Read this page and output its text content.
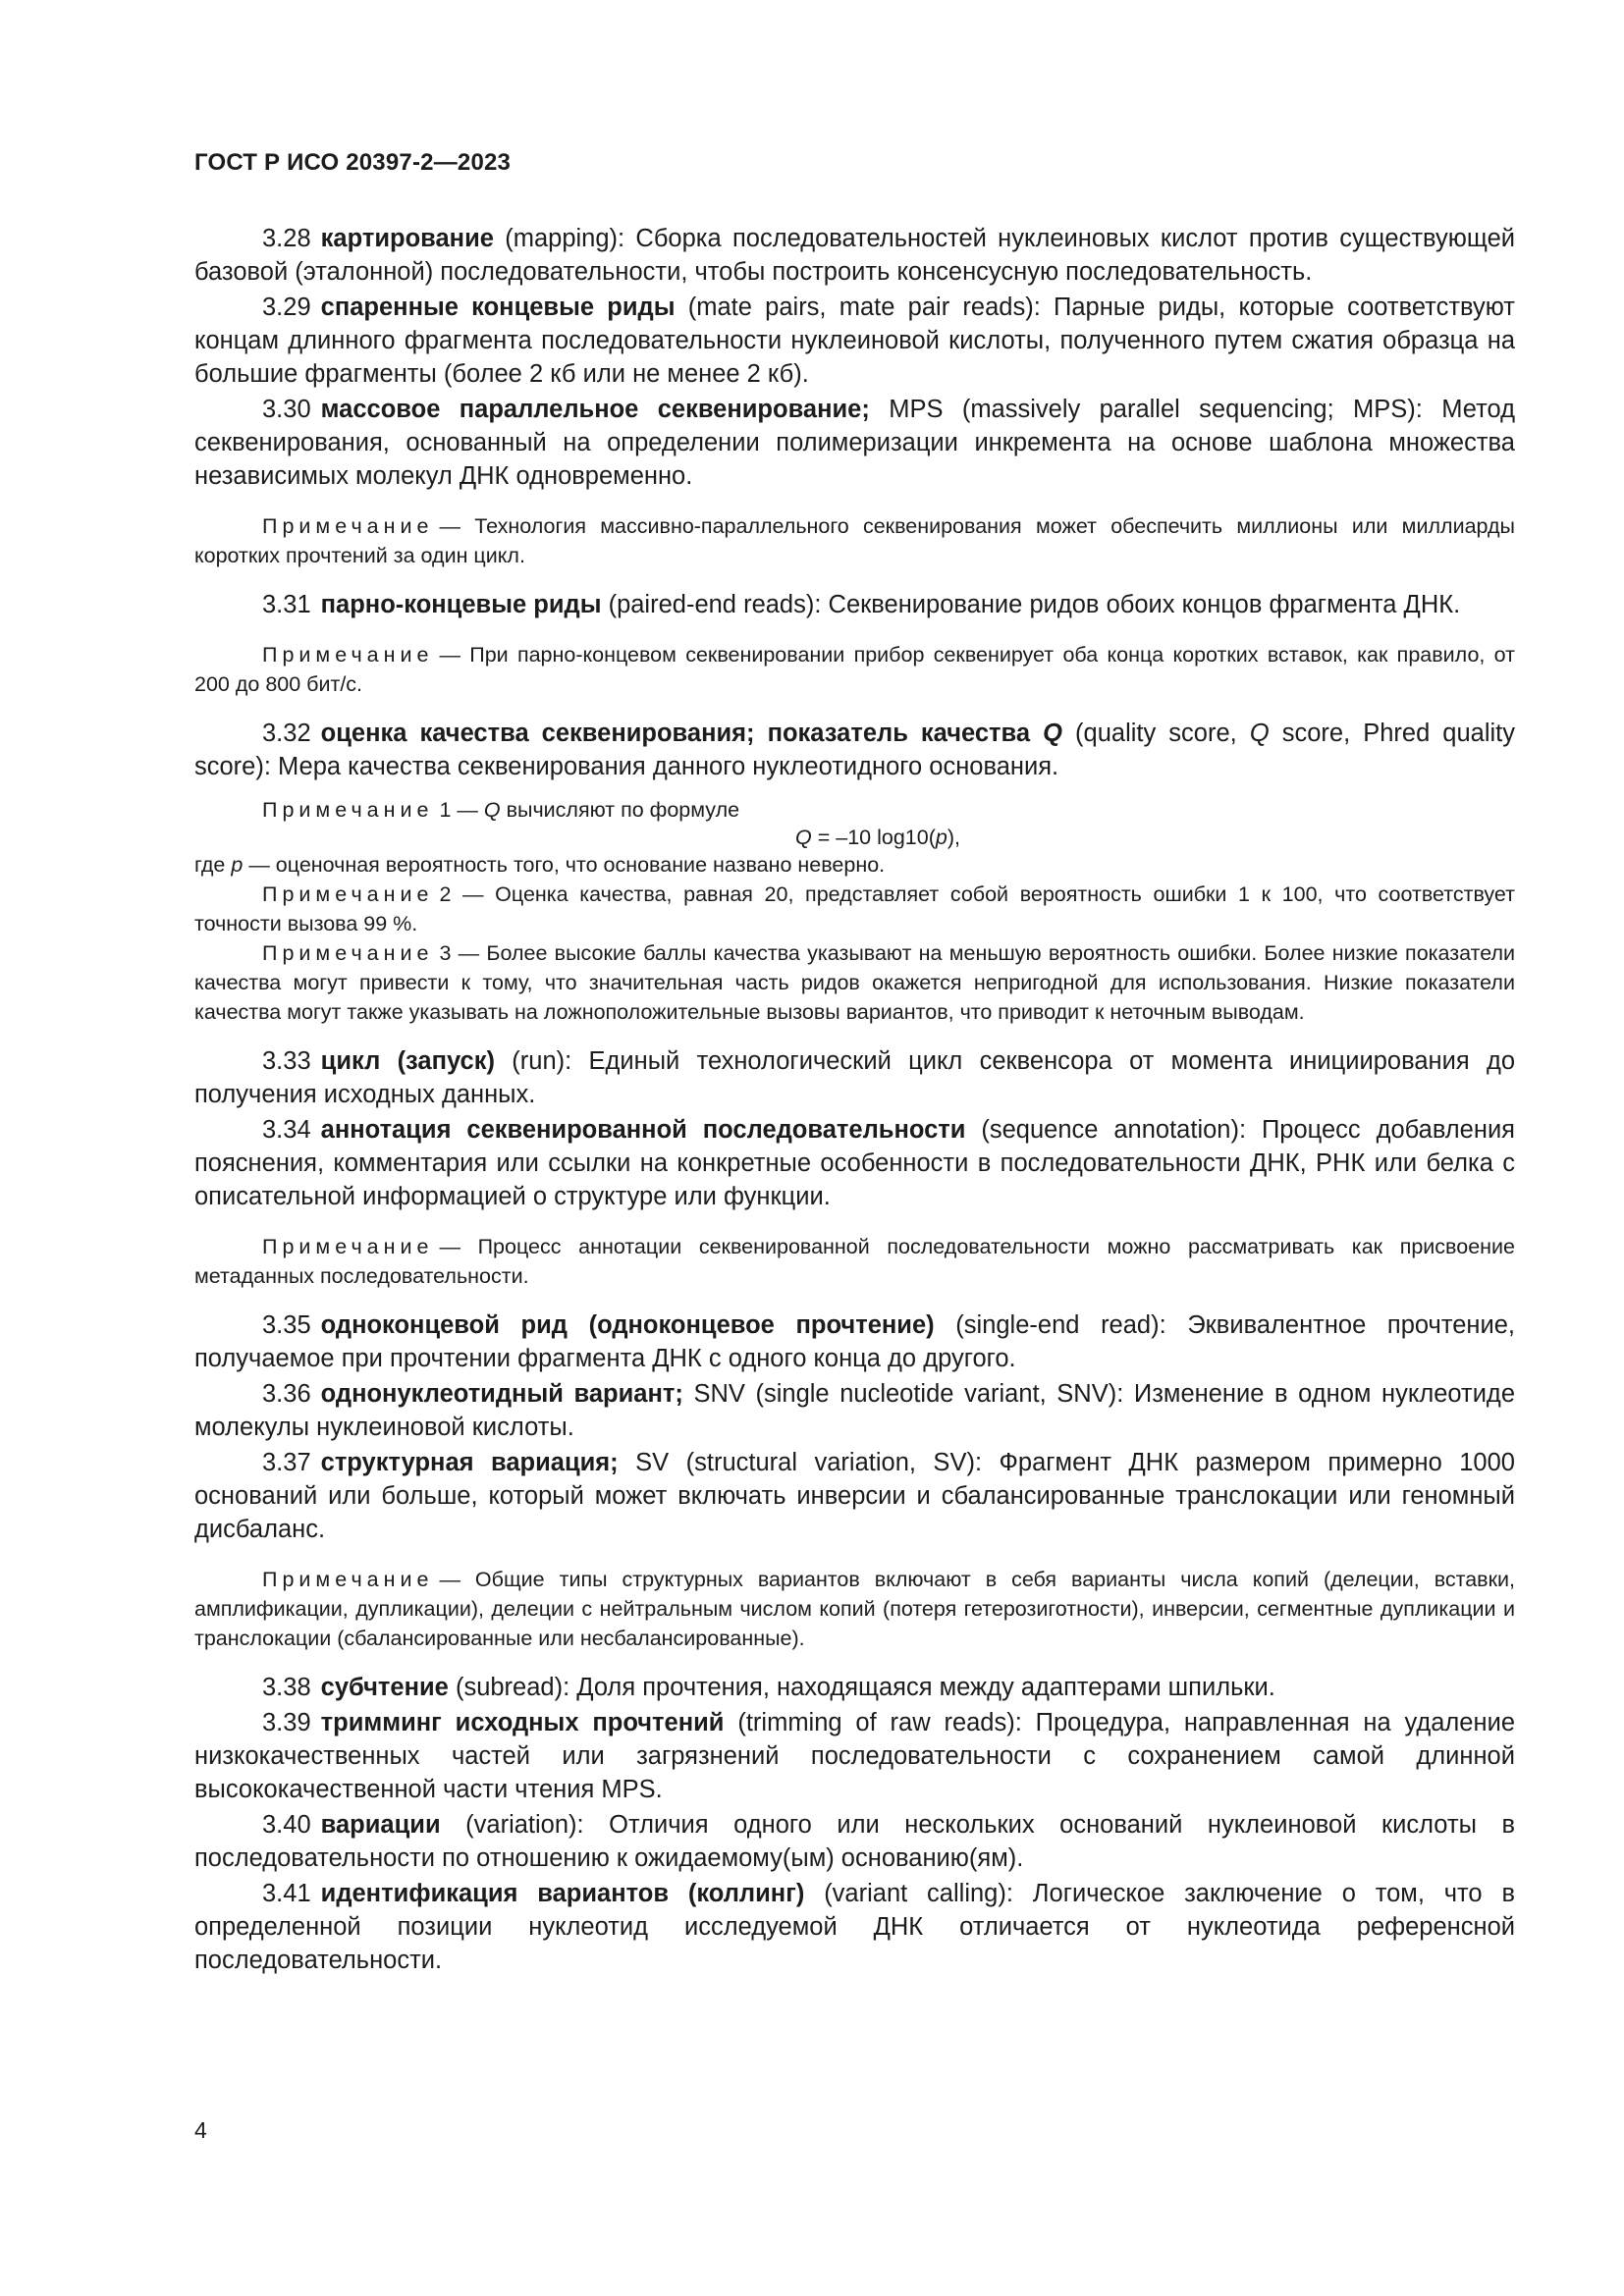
ГОСТ Р ИСО 20397-2—2023

3.28 картирование (mapping): Сборка последовательностей нуклеиновых кислот против существующей базовой (эталонной) последовательности, чтобы построить консенсусную последовательность.

3.29 спаренные концевые риды (mate pairs, mate pair reads): Парные риды, которые соответствуют концам длинного фрагмента последовательности нуклеиновой кислоты, полученного путем сжатия образца на большие фрагменты (более 2 кб или не менее 2 кб).

3.30 массовое параллельное секвенирование; MPS (massively parallel sequencing; MPS): Метод секвенирования, основанный на определении полимеризации инкремента на основе шаблона множества независимых молекул ДНК одновременно.

Примечание — Технология массивно-параллельного секвенирования может обеспечить миллионы или миллиарды коротких прочтений за один цикл.

3.31 парно-концевые риды (paired-end reads): Секвенирование ридов обоих концов фрагмента ДНК.

Примечание — При парно-концевом секвенировании прибор секвенирует оба конца коротких вставок, как правило, от 200 до 800 бит/с.

3.32 оценка качества секвенирования; показатель качества Q (quality score, Q score, Phred quality score): Мера качества секвенирования данного нуклеотидного основания.

Примечание 1 — Q вычисляют по формуле

Q = –10 log10(p),

где p — оценочная вероятность того, что основание названо неверно.

Примечание 2 — Оценка качества, равная 20, представляет собой вероятность ошибки 1 к 100, что соответствует точности вызова 99 %.

Примечание 3 — Более высокие баллы качества указывают на меньшую вероятность ошибки. Более низкие показатели качества могут привести к тому, что значительная часть ридов окажется непригодной для использования. Низкие показатели качества могут также указывать на ложноположительные вызовы вариантов, что приводит к неточным выводам.

3.33 цикл (запуск) (run): Единый технологический цикл секвенсора от момента инициирования до получения исходных данных.

3.34 аннотация секвенированной последовательности (sequence annotation): Процесс добавления пояснения, комментария или ссылки на конкретные особенности в последовательности ДНК, РНК или белка с описательной информацией о структуре или функции.

Примечание — Процесс аннотации секвенированной последовательности можно рассматривать как присвоение метаданных последовательности.

3.35 одноконцевой рид (одноконцевое прочтение) (single-end read): Эквивалентное прочтение, получаемое при прочтении фрагмента ДНК с одного конца до другого.

3.36 однонуклеотидный вариант; SNV (single nucleotide variant, SNV): Изменение в одном нуклеотиде молекулы нуклеиновой кислоты.

3.37 структурная вариация; SV (structural variation, SV): Фрагмент ДНК размером примерно 1000 оснований или больше, который может включать инверсии и сбалансированные транслокации или геномный дисбаланс.

Примечание — Общие типы структурных вариантов включают в себя варианты числа копий (делеции, вставки, амплификации, дупликации), делеции с нейтральным числом копий (потеря гетерозиготности), инверсии, сегментные дупликации и транслокации (сбалансированные или несбалансированные).

3.38 субчтение (subread): Доля прочтения, находящаяся между адаптерами шпильки.

3.39 тримминг исходных прочтений (trimming of raw reads): Процедура, направленная на удаление низкокачественных частей или загрязнений последовательности с сохранением самой длинной высококачественной части чтения MPS.

3.40 вариации (variation): Отличия одного или нескольких оснований нуклеиновой кислоты в последовательности по отношению к ожидаемому(ым) основанию(ям).

3.41 идентификация вариантов (коллинг) (variant calling): Логическое заключение о том, что в определенной позиции нуклеотид исследуемой ДНК отличается от нуклеотида референсной последовательности.

4
